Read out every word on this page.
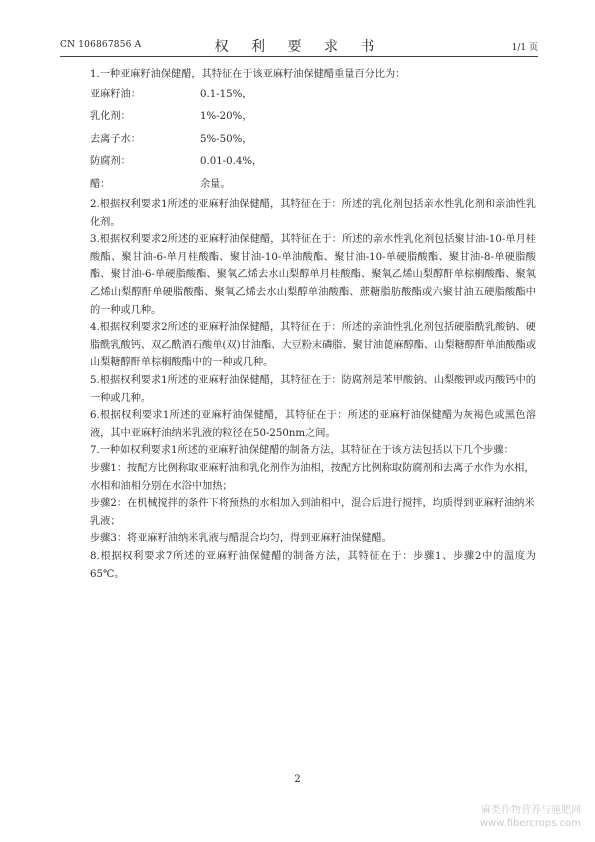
CN 106867856 A	权 利 要 求 书	1/1 页

1.一种亚麻籽油保健醋，其特征在于该亚麻籽油保健醋重量百分比为：

亚麻籽油：	0.1-15%，
乳化剂：	1%-20%，
去离子水：	5%-50%，
防腐剂：	0.01-0.4%，
醋：	余量。

2.根据权利要求1所述的亚麻籽油保健醋，其特征在于：所述的乳化剂包括亲水性乳化剂和亲油性乳化剂。

3.根据权利要求2所述的亚麻籽油保健醋，其特征在于：所述的亲水性乳化剂包括聚甘油-10-单月桂酸酯、聚甘油-6-单月桂酸酯、聚甘油-10-单油酸酯、聚甘油-10-单硬脂酸酯、聚甘油-8-单硬脂酸酯、聚甘油-6-单硬脂酸酯、聚氧乙烯去水山梨醇单月桂酸酯、聚氧乙烯山梨醇酐单棕榈酸酯、聚氧乙烯山梨醇酐单硬脂酸酯、聚氧乙烯去水山梨醇单油酸酯、蔗糖脂肪酸酯或六聚甘油五硬脂酸酯中的一种或几种。

4.根据权利要求2所述的亚麻籽油保健醋，其特征在于：所述的亲油性乳化剂包括硬脂酰乳酸钠、硬脂酰乳酸钙、双乙酰酒石酸单(双)甘油酯、大豆粉末磷脂、聚甘油蓖麻醇酯、山梨糖醇酐单油酸酯或山梨糖醇酐单棕榈酸酯中的一种或几种。

5.根据权利要求1所述的亚麻籽油保健醋，其特征在于：防腐剂是苯甲酸钠、山梨酸钾或丙酸钙中的一种或几种。

6.根据权利要求1所述的亚麻籽油保健醋，其特征在于：所述的亚麻籽油保健醋为灰褐色或黑色溶液，其中亚麻籽油纳米乳液的粒径在50-250nm之间。

7.一种如权利要求1所述的亚麻籽油保健醋的制备方法，其特征在于该方法包括以下几个步骤：

步骤1：按配方比例称取亚麻籽油和乳化剂作为油相，按配方比例称取防腐剂和去离子水作为水相，水相和油相分别在水浴中加热；

步骤2：在机械搅拌的条件下将预热的水相加入到油相中，混合后进行搅拌，均质得到亚麻籽油纳米乳液；

步骤3：将亚麻籽油纳米乳液与醋混合均匀，得到亚麻籽油保健醋。

8.根据权利要求7所述的亚麻籽油保健醋的制备方法，其特征在于：步骤1、步骤2中的温度为65℃。

2
麻类作物营养与施肥网
www.fibercrops.com
